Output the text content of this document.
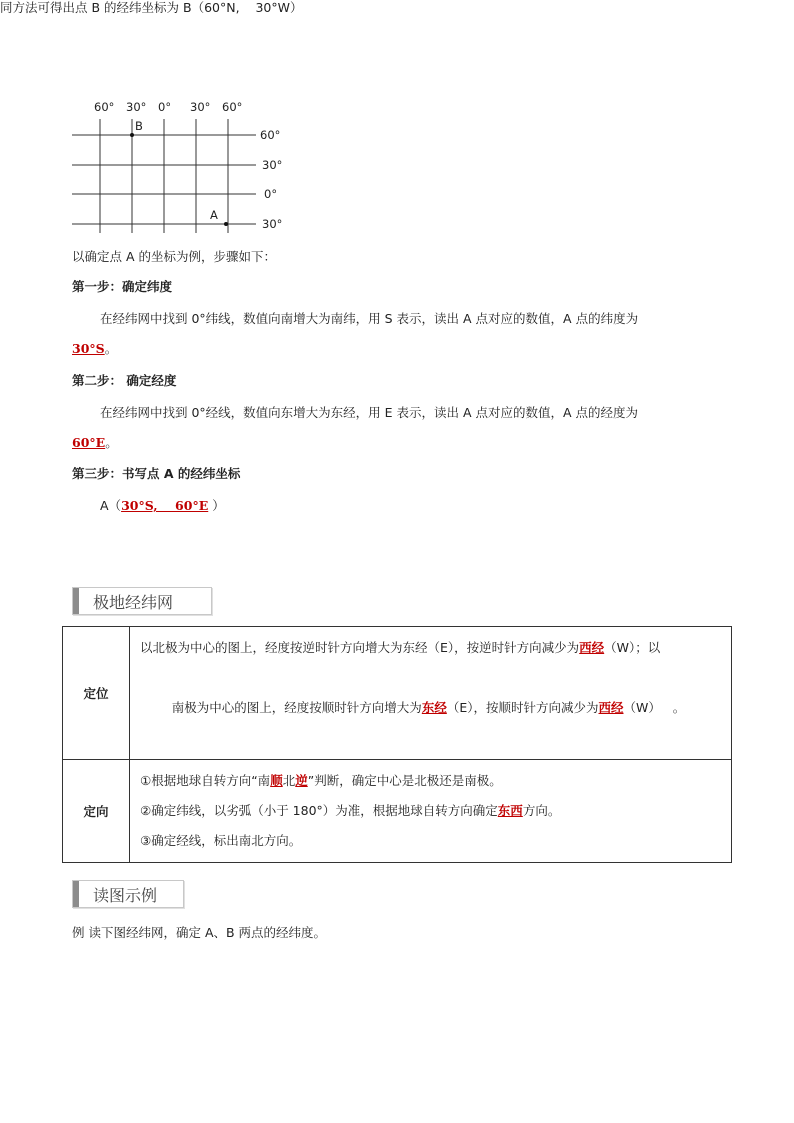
60° 30° 0° 30° 60°
B
A
60°
30°
0°
30°
以确定点 A 的坐标为例，步骤如下：
第一步：确定纬度
在经纬网中找到 0°纬线，数值向南增大为南纬，用 S 表示，读出 A 点对应的数值，A 点的纬度为
30°S。
第二步： 确定经度
在经纬网中找到 0°经线，数值向东增大为东经，用 E 表示，读出 A 点对应的数值，A 点的经度为
60°E。
第三步：书写点 A 的经纬坐标
A（30°S,    60°E ）
同方法可得出点 B 的经纬坐标为 B（60°N,    30°W）
极地经纬网
定位	以北极为中心的图上，经度按逆时针方向增大为东经（E），按逆时针方向减少为西经（W）；以

南极为中心的图上，经度按顺时针方向增大为东经（E），按顺时针方向减少为西经（W）   。

定向	①根据地球自转方向“南顺北逆”判断，确定中心是北极还是南极。
②确定纬线，以劣弧（小于 180°）为准，根据地球自转方向确定东西方向。
③确定经线，标出南北方向。
读图示例
例 读下图经纬网，确定 A、B 两点的经纬度。
